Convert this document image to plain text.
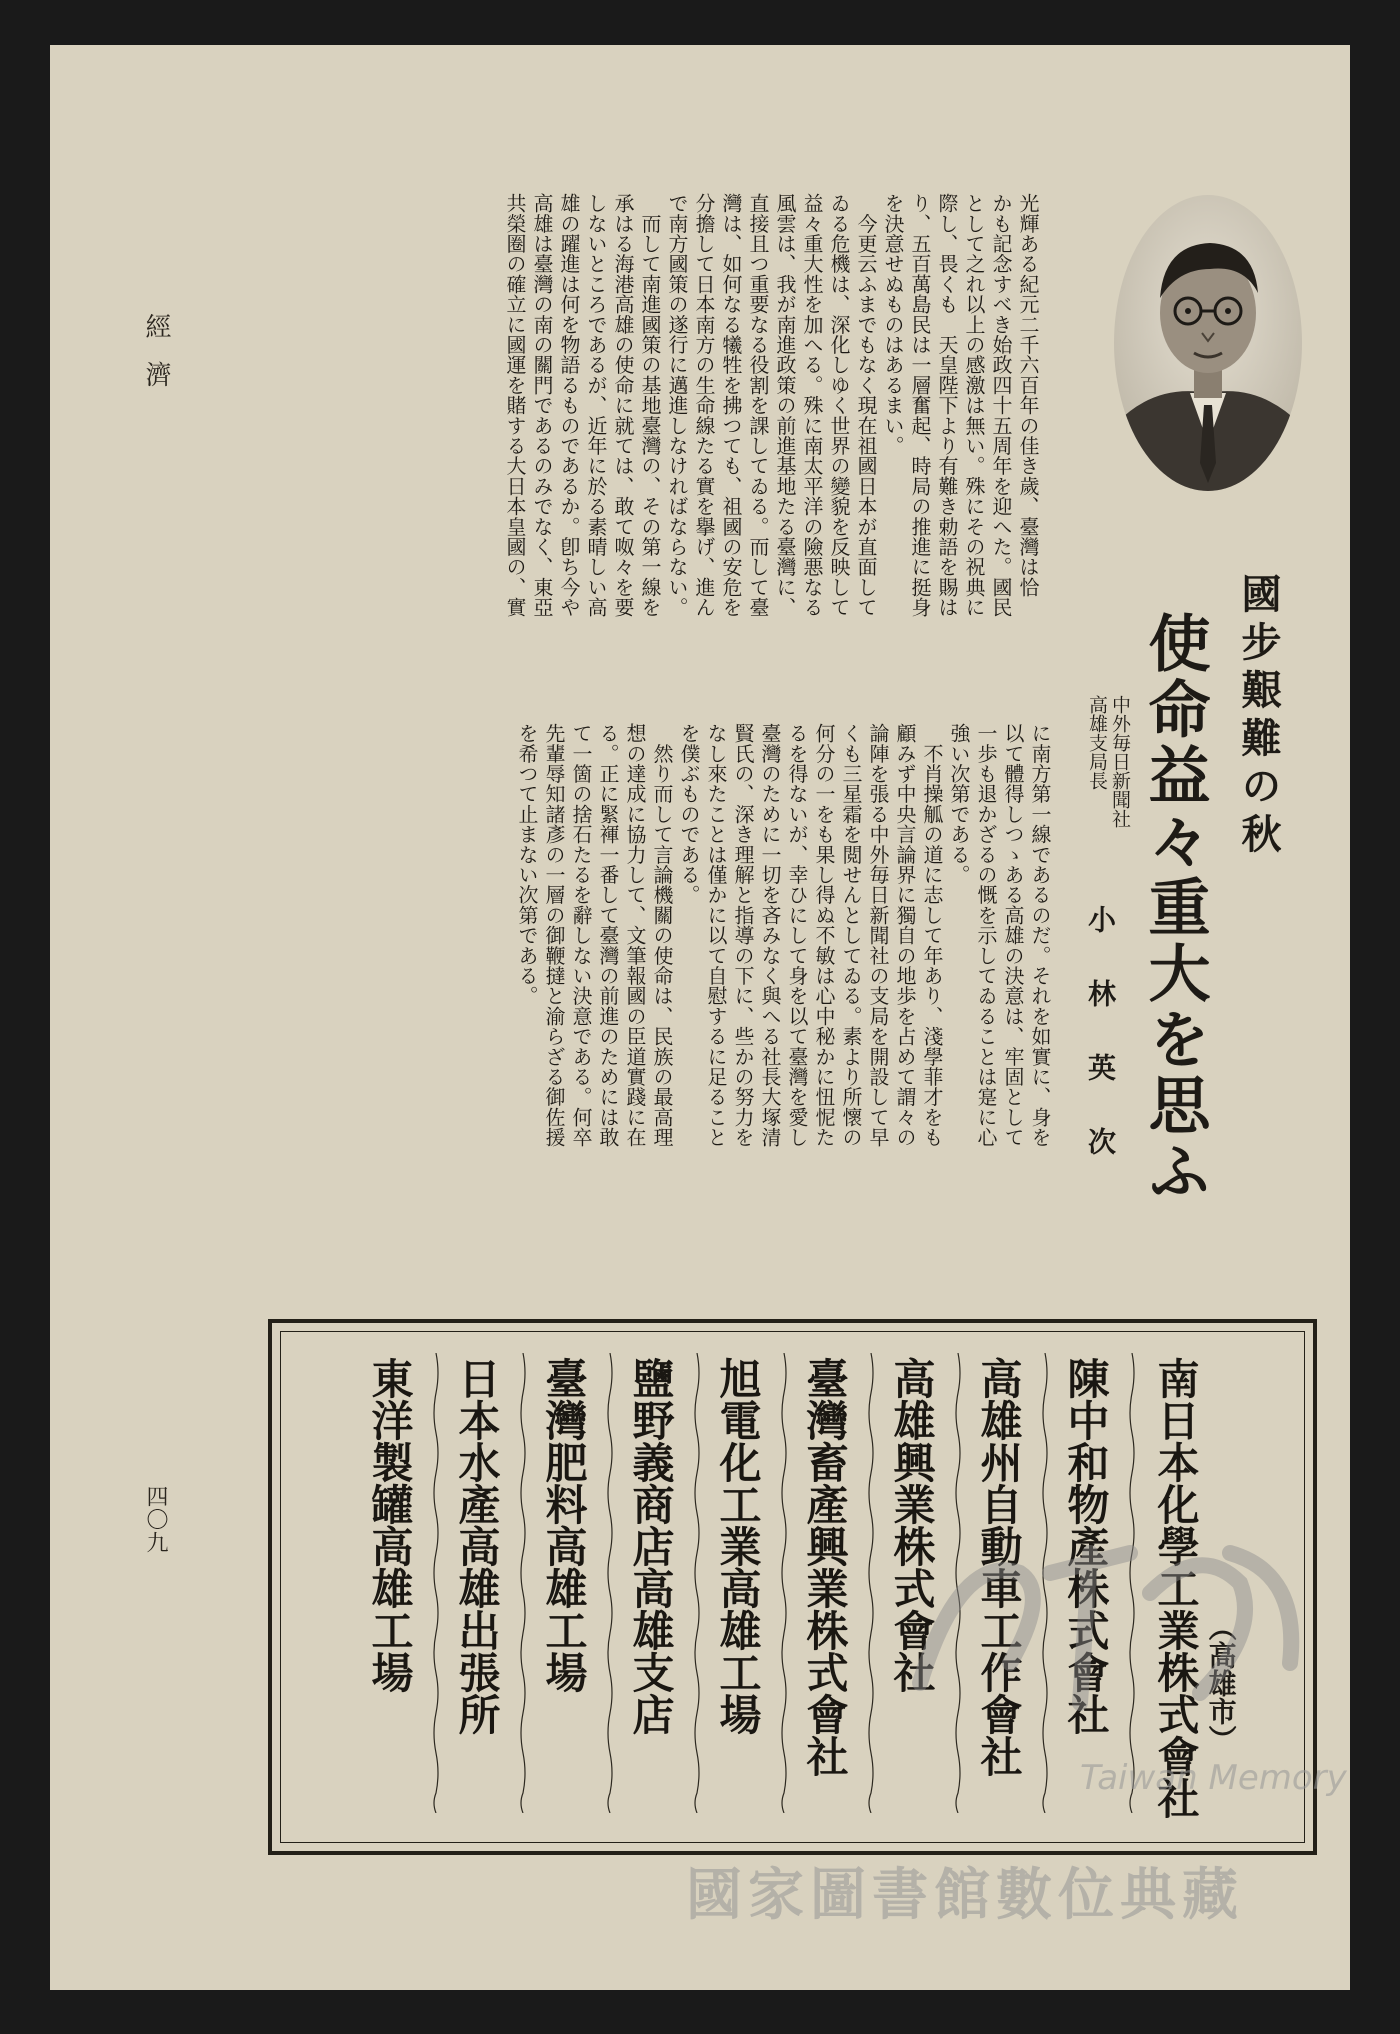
經濟
四〇九
國步艱難の秋
使命益々重大を思ふ
中外毎日新聞社
高雄支局長
小林英次
に南方第一線であるのだ。それを如實に、身を
以て體得しつゝある高雄の決意は、牢固として
一歩も退かざるの慨を示してゐることは寔に心
強い次第である。
　不肖操觚の道に志して年あり、淺學菲才をも
顧みず中央言論界に獨自の地歩を占めて謂々の
論陣を張る中外毎日新聞社の支局を開設して早
くも三星霜を閲せんとしてゐる。素より所懷の
何分の一をも果し得ぬ不敏は心中秘かに忸怩た
るを得ないが、幸ひにして身を以て臺灣を愛し
臺灣のために一切を吝みなく與へる社長大塚清
賢氏の、深き理解と指導の下に、些かの努力を
なし來たことは僅かに以て自慰するに足ること
を僕ぶものである。
　然り而して言論機關の使命は、民族の最高理
想の達成に協力して、文筆報國の臣道實踐に在
る。正に緊褌一番して臺灣の前進のためには敢
て一箇の捨石たるを辭しない決意である。何卒
先輩辱知諸彥の一層の御鞭撻と渝らざる御佐援
を希つて止まない次第である。
光輝ある紀元二千六百年の佳き歲、臺灣は恰
かも記念すべき始政四十五周年を迎へた。國民
として之れ以上の感激は無い。殊にその祝典に
際し、畏くも　天皇陛下より有難き勅語を賜は
り、五百萬島民は一層奮起、時局の推進に挺身
を決意せぬものはあるまい。
　今更云ふまでもなく現在祖國日本が直面して
ゐる危機は、深化しゆく世界の變貌を反映して
益々重大性を加へる。殊に南太平洋の險悪なる
風雲は、我が南進政策の前進基地たる臺灣に、
直接且つ重要なる役割を課してゐる。而して臺
灣は、如何なる犧牲を拂つても、祖國の安危を
分擔して日本南方の生命線たる實を擧げ、進ん
で南方國策の遂行に邁進しなければならない。
　而して南進國策の基地臺灣の、その第一線を
承はる海港高雄の使命に就ては、敢て呶々を要
しないところであるが、近年に於る素晴しい高
雄の躍進は何を物語るものであるか。卽ち今や
高雄は臺灣の南の關門であるのみでなく、東亞
共榮圈の確立に國運を賭する大日本皇國の、實
南日本化學工業株式會社 （高雄市）
陳中和物產株式會社
高雄州自動車工作會社
高雄興業株式會社
臺灣畜產興業株式會社
旭電化工業高雄工場
鹽野義商店高雄支店
臺灣肥料高雄工場
日本水產高雄出張所
東洋製罐高雄工場
Taiwan Memory
國家圖書館數位典藏
